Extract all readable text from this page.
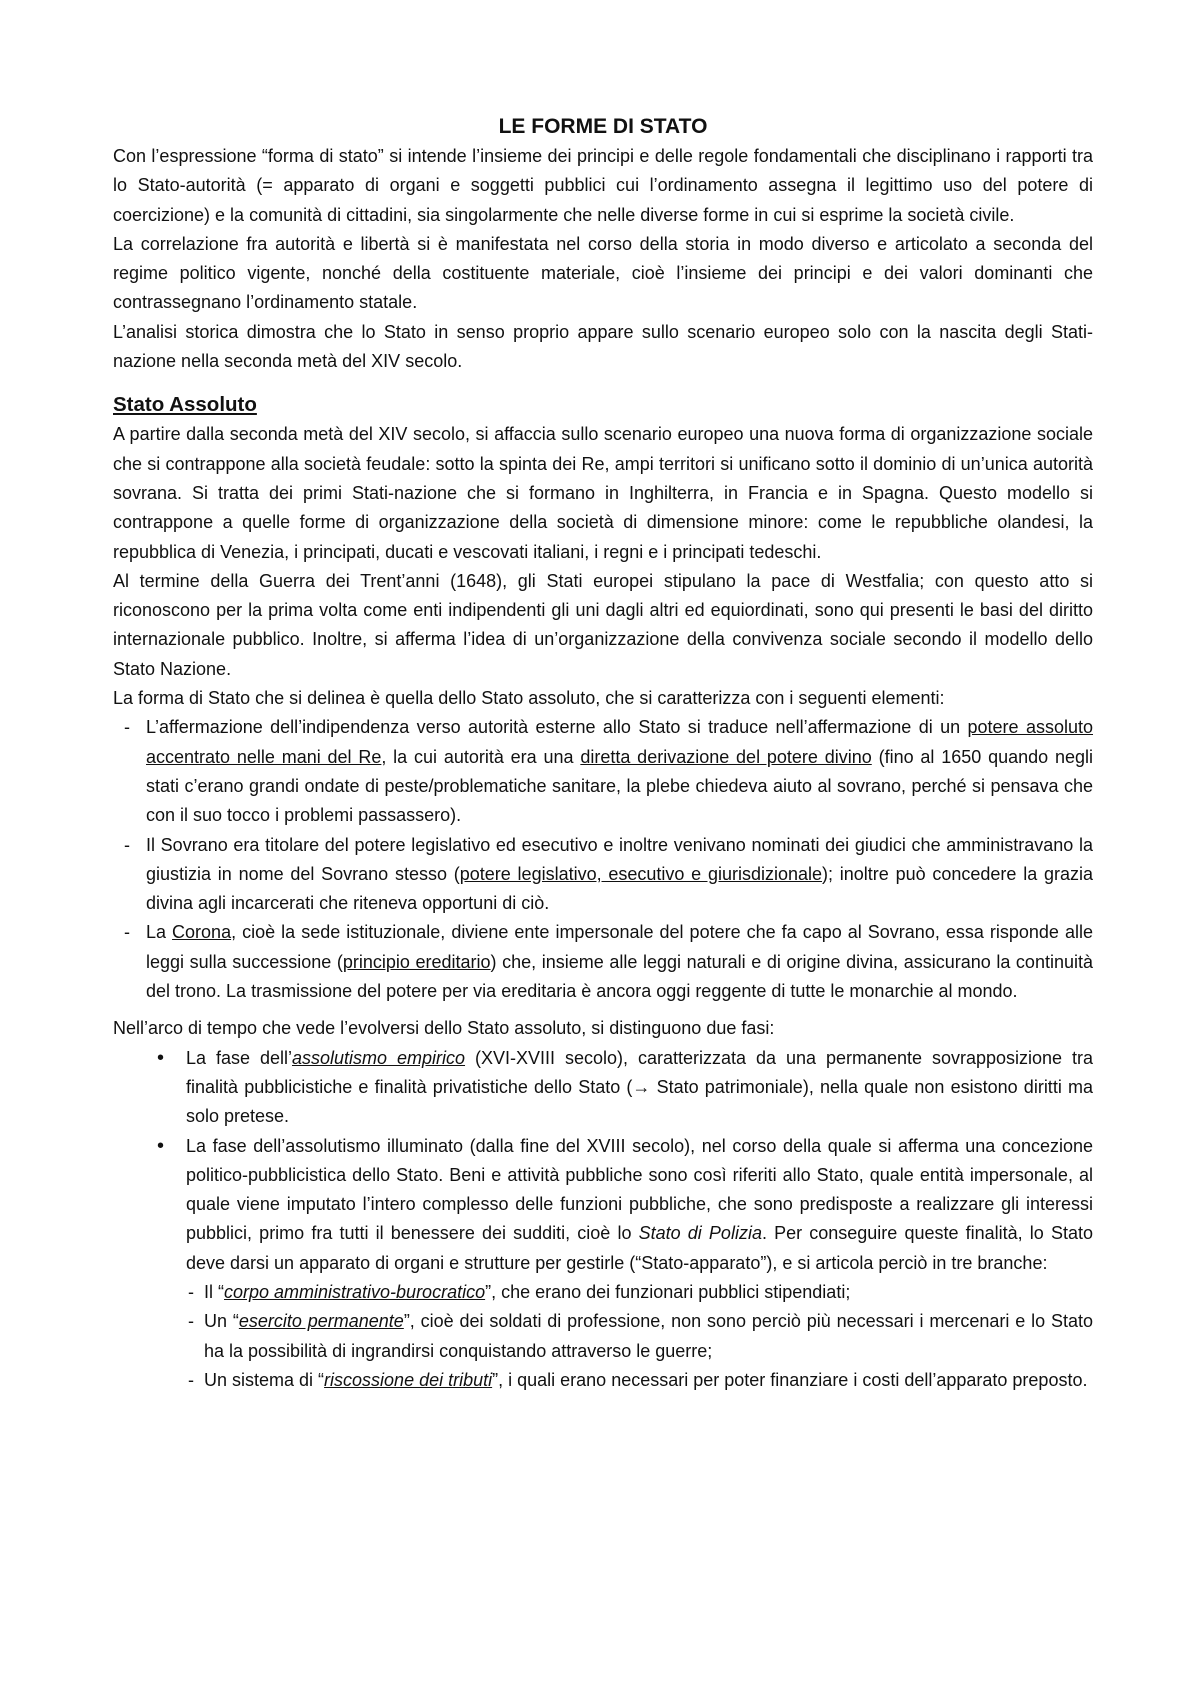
LE FORME DI STATO

Con l’espressione “forma di stato” si intende l’insieme dei principi e delle regole fondamentali che disciplinano i rapporti tra lo Stato-autorità (= apparato di organi e soggetti pubblici cui l’ordinamento assegna il legittimo uso del potere di coercizione) e la comunità di cittadini, sia singolarmente che nelle diverse forme in cui si esprime la società civile.

La correlazione fra autorità e libertà si è manifestata nel corso della storia in modo diverso e articolato a seconda del regime politico vigente, nonché della costituente materiale, cioè l’insieme dei principi e dei valori dominanti che contrassegnano l’ordinamento statale.

L’analisi storica dimostra che lo Stato in senso proprio appare sullo scenario europeo solo con la nascita degli Stati-nazione nella seconda metà del XIV secolo.

Stato Assoluto

A partire dalla seconda metà del XIV secolo, si affaccia sullo scenario europeo una nuova forma di organizzazione sociale che si contrappone alla società feudale: sotto la spinta dei Re, ampi territori si unificano sotto il dominio di un’unica autorità sovrana. Si tratta dei primi Stati-nazione che si formano in Inghilterra, in Francia e in Spagna. Questo modello si contrappone a quelle forme di organizzazione della società di dimensione minore: come le repubbliche olandesi, la repubblica di Venezia, i principati, ducati e vescovati italiani, i regni e i principati tedeschi.

Al termine della Guerra dei Trent’anni (1648), gli Stati europei stipulano la pace di Westfalia; con questo atto si riconoscono per la prima volta come enti indipendenti gli uni dagli altri ed equiordinati, sono qui presenti le basi del diritto internazionale pubblico. Inoltre, si afferma l’idea di un’organizzazione della convivenza sociale secondo il modello dello Stato Nazione.

La forma di Stato che si delinea è quella dello Stato assoluto, che si caratterizza con i seguenti elementi:

- L’affermazione dell’indipendenza verso autorità esterne allo Stato si traduce nell’affermazione di un potere assoluto accentrato nelle mani del Re, la cui autorità era una diretta derivazione del potere divino (fino al 1650 quando negli stati c’erano grandi ondate di peste/problematiche sanitare, la plebe chiedeva aiuto al sovrano, perché si pensava che con il suo tocco i problemi passassero).
- Il Sovrano era titolare del potere legislativo ed esecutivo e inoltre venivano nominati dei giudici che amministravano la giustizia in nome del Sovrano stesso (potere legislativo, esecutivo e giurisdizionale); inoltre può concedere la grazia divina agli incarcerati che riteneva opportuni di ciò.
- La Corona, cioè la sede istituzionale, diviene ente impersonale del potere che fa capo al Sovrano, essa risponde alle leggi sulla successione (principio ereditario) che, insieme alle leggi naturali e di origine divina, assicurano la continuità del trono. La trasmissione del potere per via ereditaria è ancora oggi reggente di tutte le monarchie al mondo.

Nell’arco di tempo che vede l’evolversi dello Stato assoluto, si distinguono due fasi:

• La fase dell’assolutismo empirico (XVI-XVIII secolo), caratterizzata da una permanente sovrapposizione tra finalità pubblicistiche e finalità privatistiche dello Stato (→ Stato patrimoniale), nella quale non esistono diritti ma solo pretese.
• La fase dell’assolutismo illuminato (dalla fine del XVIII secolo), nel corso della quale si afferma una concezione politico-pubblicistica dello Stato. Beni e attività pubbliche sono così riferiti allo Stato, quale entità impersonale, al quale viene imputato l’intero complesso delle funzioni pubbliche, che sono predisposte a realizzare gli interessi pubblici, primo fra tutti il benessere dei sudditi, cioè lo Stato di Polizia. Per conseguire queste finalità, lo Stato deve darsi un apparato di organi e strutture per gestirle (“Stato-apparato”), e si articola perciò in tre branche:
- Il “corpo amministrativo-burocratico”, che erano dei funzionari pubblici stipendiati;
- Un “esercito permanente”, cioè dei soldati di professione, non sono perciò più necessari i mercenari e lo Stato ha la possibilità di ingrandirsi conquistando attraverso le guerre;
- Un sistema di “riscossione dei tributi”, i quali erano necessari per poter finanziare i costi dell’apparato preposto.
